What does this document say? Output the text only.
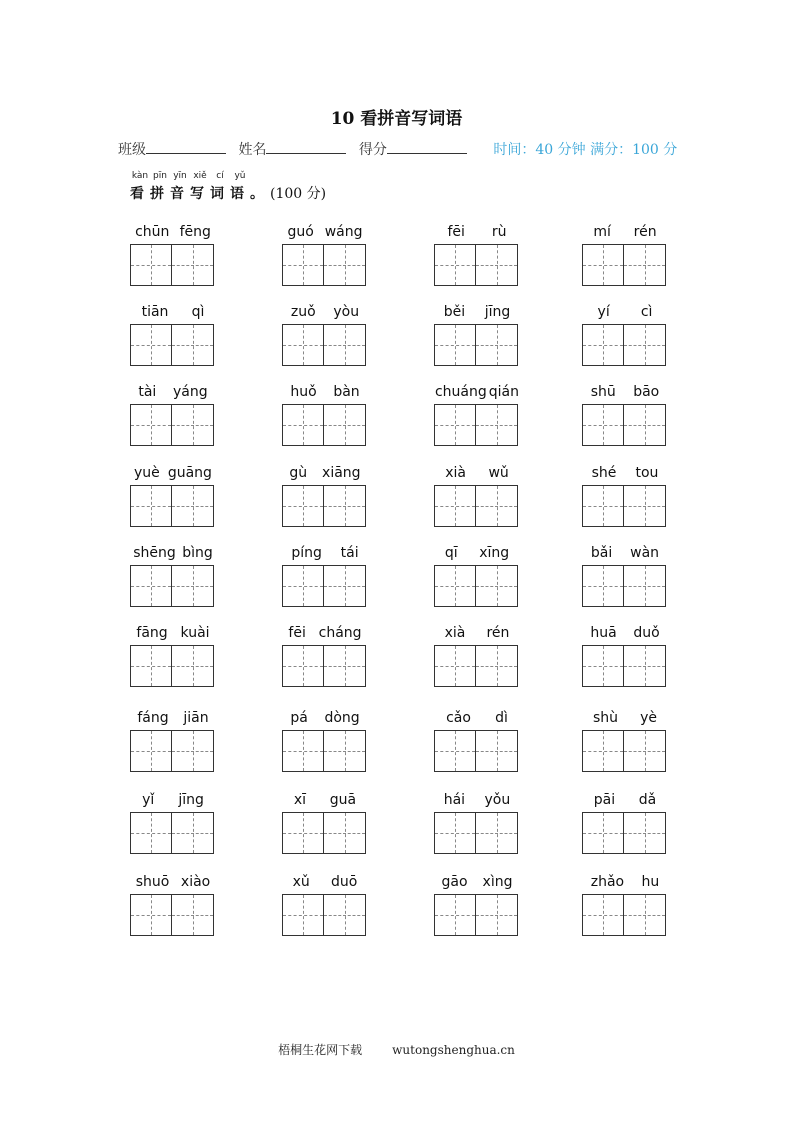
10 看拼音写词语
班级	姓名	得分	时间：40 分钟 满分：100 分
kàn pīn yīn xiě	cí	yǔ
看拼音写词语。(100 分)
chūn fēng	guó wáng	fēi rù	mí rén
tiān qì	zuǒ yòu	běi jīng	yí cì
tài yáng	huǒ bàn	chuáng qián	shū bāo
yuè guāng	gù xiāng	xià wǔ	shé tou
shēng bìng	píng tái	qī xīng	bǎi wàn
fāng kuài	fēi cháng	xià rén	huā duǒ
fáng jiān	pá dòng	cǎo dì	shù yè
yǐ jīng	xī guā	hái yǒu	pāi dǎ
shuō xiào	xǔ duō	gāo xìng	zhǎo hu
梧桐生花网下载	wutongshenghua.cn
